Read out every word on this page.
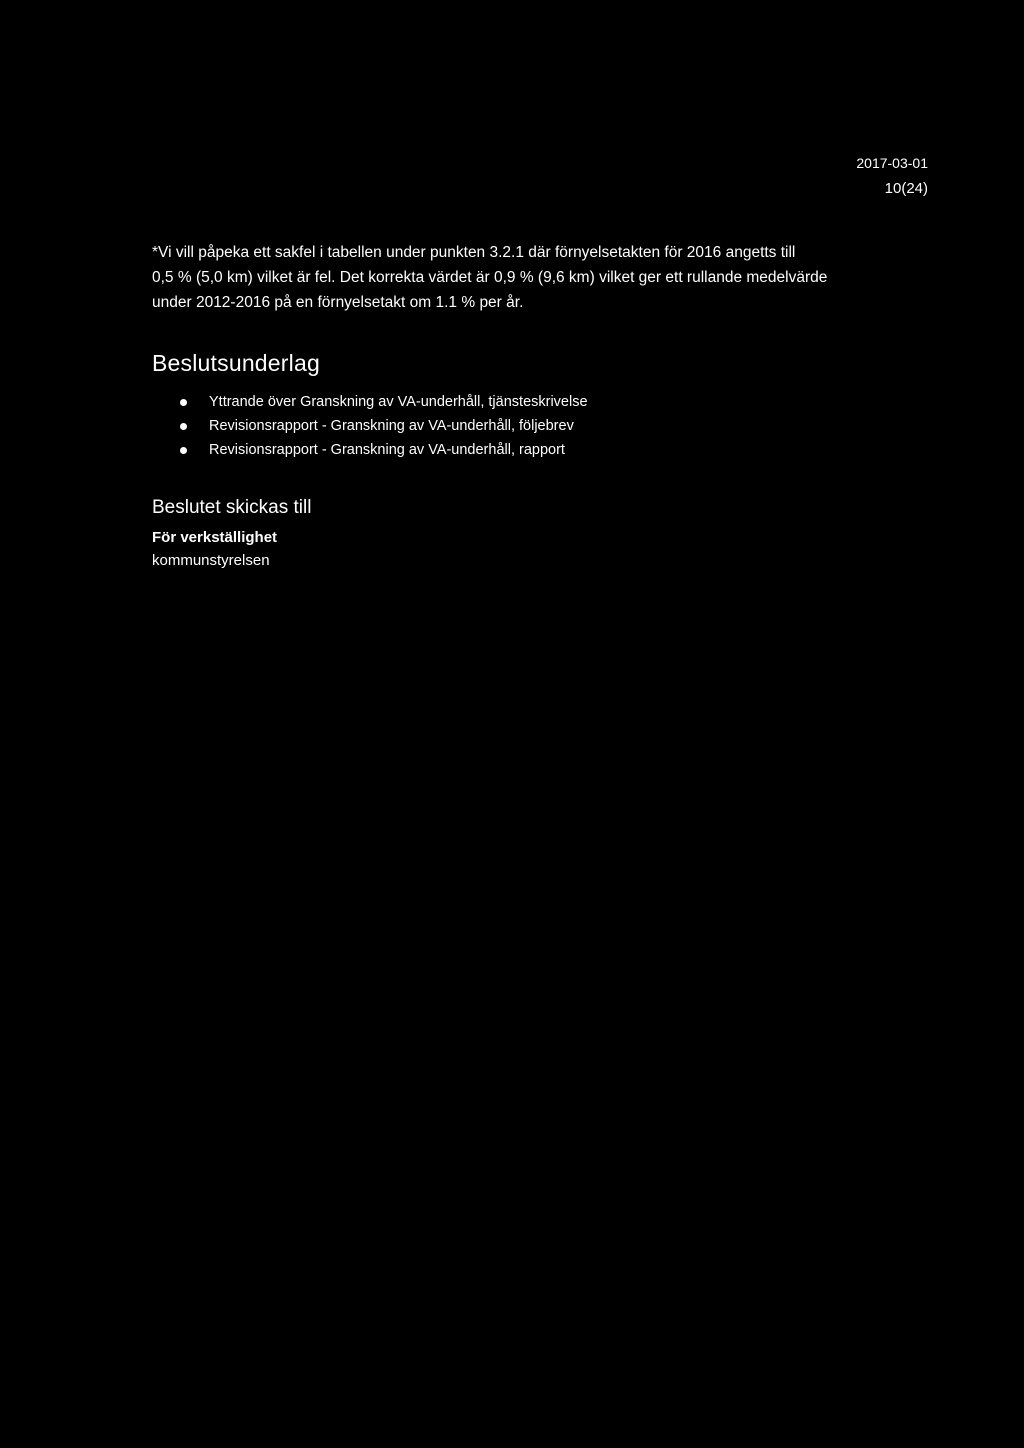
2017-03-01
10(24)

*Vi vill påpeka ett sakfel i tabellen under punkten 3.2.1 där förnyelsetakten för 2016 angetts till

0,5 % (5,0 km) vilket är fel. Det korrekta värdet är 0,9 % (9,6 km) vilket ger ett rullande medelvärde

under 2012-2016 på en förnyelsetakt om 1.1 % per år.

Beslutsunderlag
Yttrande över Granskning av VA-underhåll, tjänsteskrivelse
Revisionsrapport - Granskning av VA-underhåll, följebrev
Revisionsrapport - Granskning av VA-underhåll, rapport
Beslutet skickas till
För verkställighet
kommunstyrelsen
